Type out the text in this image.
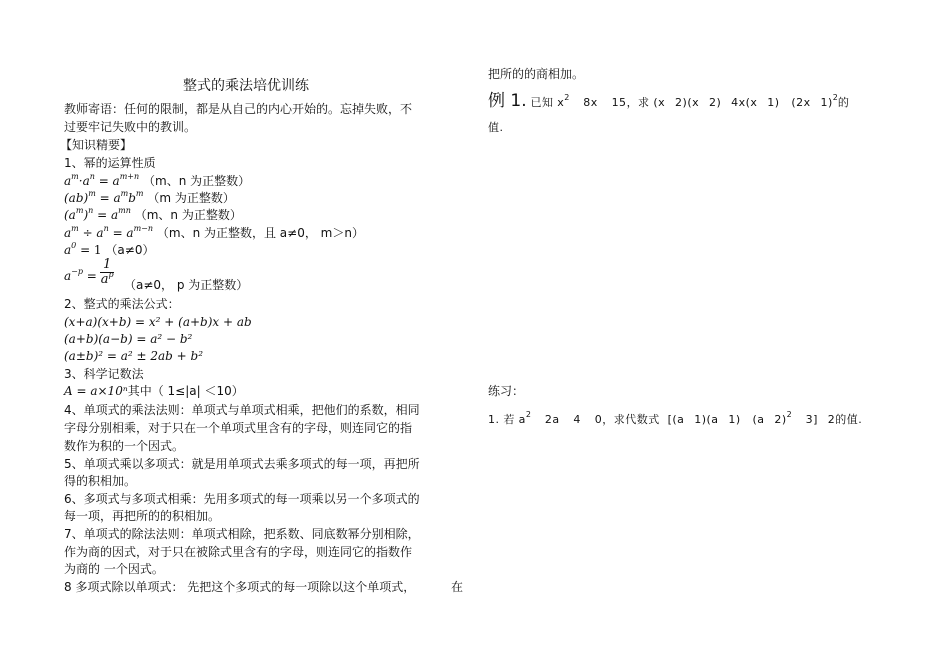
整式的乘法培优训练
教师寄语：任何的限制，都是从自己的内心开始的。忘掉失败，不
过要牢记失败中的教训。
【知识精要】
1、幂的运算性质
$a^m\cdot a^n = a^{m+n}$ （m、n 为正整数）
$(ab)^m = a^mb^m$ （m 为正整数）
$(a^m)^n = a^{mn}$ （m、n 为正整数）
$a^m \div a^n = a^{m-n}$ （m、n 为正整数，且 a≠0， m＞n）
$a^0 = 1$ （a≠0）
$a^{-p} = \frac{1}{a^p} (a\ne 0$， p 为正整数）
2、整式的乘法公式：
(x+a)(x+b) = x² + (a+b)x + ab
(a+b)(a−b) = a² − b²
(a±b)² = a² ± 2ab + b²
3、科学记数法
A = a×10ⁿ其中（ 1≤|a| ＜10）
4、单项式的乘法法则：单项式与单项式相乘，把他们的系数，相同
字母分别相乘，对于只在一个单项式里含有的字母，则连同它的指
数作为积的一个因式。
5、单项式乘以多项式：就是用单项式去乘多项式的每一项，再把所
得的积相加。
6、多项式与多项式相乘：先用多项式的每一项乘以另一个多项式的
每一项，再把所的的积相加。
7、单项式的除法法则：单项式相除，把系数、同底数幂分别相除，
作为商的因式，对于只在被除式里含有的字母，则连同它的指数作
为商的 一个因式。
8 多项式除以单项式： 先把这个多项式的每一项除以这个单项式，	在
把所的的商相加。
例 1. 已知 $x^2$ 8x 15，求 (x 2)(x 2) 4x(x 1) (2x 1)$^2$的
值.
练习：
1. 若 $a^2$ 2a 4 0，求代数式 [(a 1)(a 1) (a 2)$^2$ 3] 2的值.
